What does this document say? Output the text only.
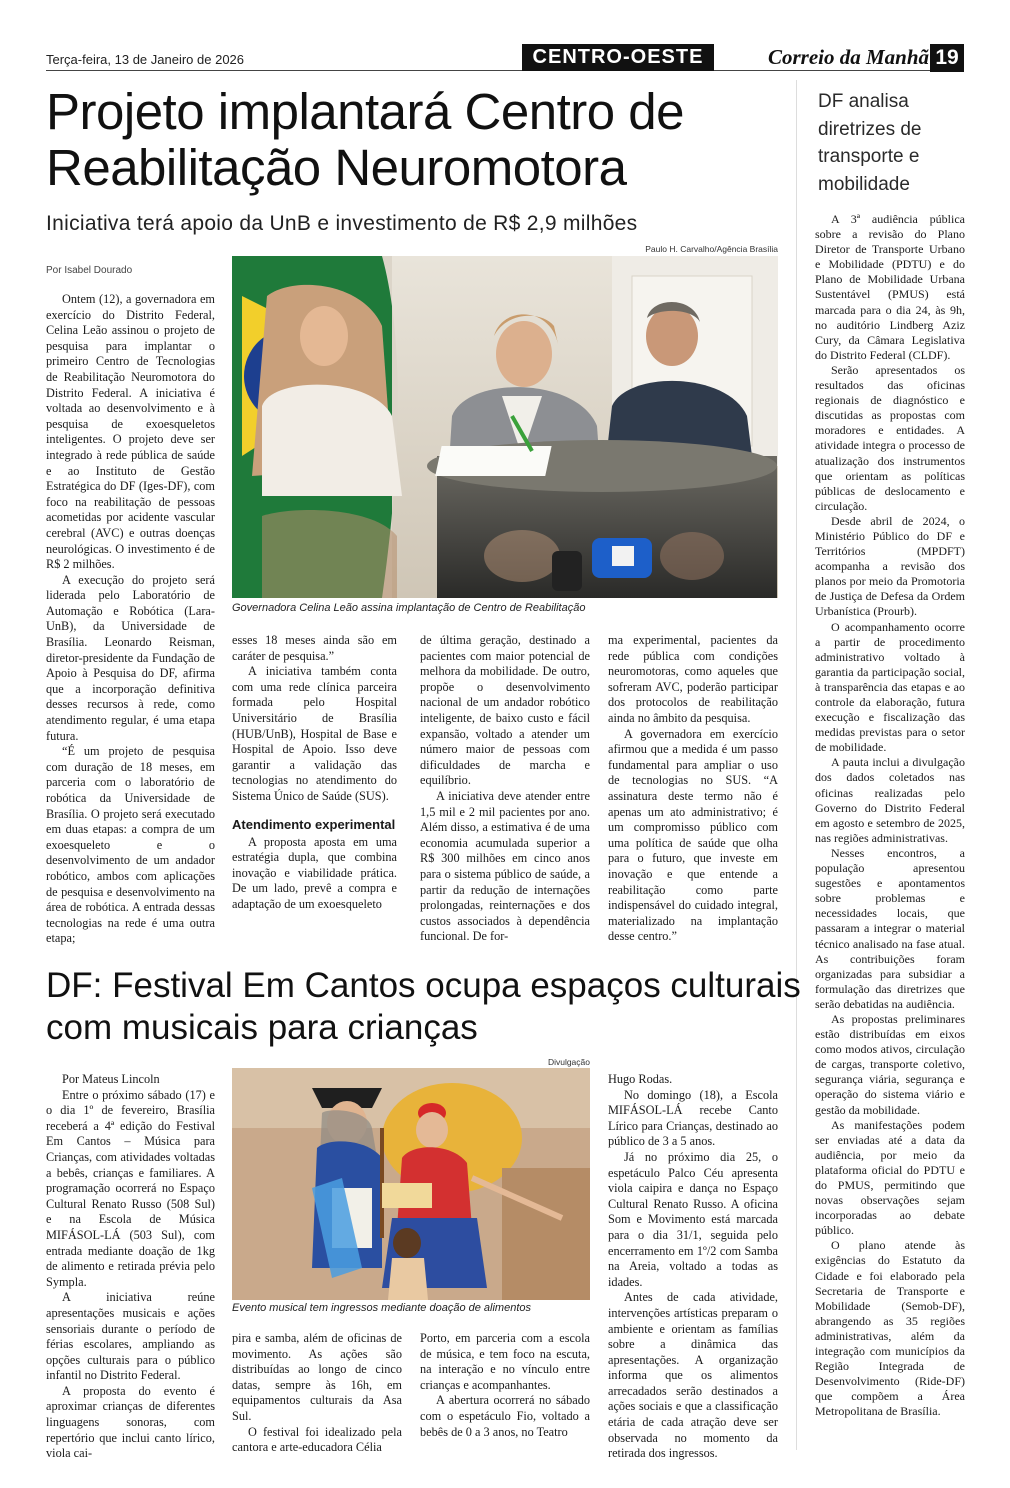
Terça-feira, 13 de Janeiro de 2026	CENTRO-OESTE	Correio da Manhã 19
Projeto implantará Centro de Reabilitação Neuromotora
Iniciativa terá apoio da UnB e investimento de R$ 2,9 milhões
Por Isabel Dourado
Paulo H. Carvalho/Agência Brasília
Governadora Celina Leão assina implantação de Centro de Reabilitação

Ontem (12), a governadora em exercício do Distrito Federal, Celina Leão assinou o projeto de pesquisa para implantar o primeiro Centro de Tecnologias de Reabilitação Neuromotora do Distrito Federal. A iniciativa é voltada ao desenvolvimento e à pesquisa de exoesqueletos inteligentes. O projeto deve ser integrado à rede pública de saúde e ao Instituto de Gestão Estratégica do DF (Iges-DF), com foco na reabilitação de pessoas acometidas por acidente vascular cerebral (AVC) e outras doenças neurológicas. O investimento é de R$ 2 milhões.

A execução do projeto será liderada pelo Laboratório de Automação e Robótica (Lara-UnB), da Universidade de Brasília. Leonardo Reisman, diretor-presidente da Fundação de Apoio à Pesquisa do DF, afirma que a incorporação definitiva desses recursos à rede, como atendimento regular, é uma etapa futura.

“É um projeto de pesquisa com duração de 18 meses, em parceria com o laboratório de robótica da Universidade de Brasília. O projeto será executado em duas etapas: a compra de um exoesqueleto e o desenvolvimento de um andador robótico, ambos com aplicações de pesquisa e desenvolvimento na área de robótica. A entrada dessas tecnologias na rede é uma outra etapa;

esses 18 meses ainda são em caráter de pesquisa.”

A iniciativa também conta com uma rede clínica parceira formada pelo Hospital Universitário de Brasília (HUB/UnB), Hospital de Base e Hospital de Apoio. Isso deve garantir a validação das tecnologias no atendimento do Sistema Único de Saúde (SUS).

Atendimento experimental

A proposta aposta em uma estratégia dupla, que combina inovação e viabilidade prática. De um lado, prevê a compra e adaptação de um exoesqueleto

de última geração, destinado a pacientes com maior potencial de melhora da mobilidade. De outro, propõe o desenvolvimento nacional de um andador robótico inteligente, de baixo custo e fácil expansão, voltado a atender um número maior de pessoas com dificuldades de marcha e equilíbrio.

A iniciativa deve atender entre 1,5 mil e 2 mil pacientes por ano. Além disso, a estimativa é de uma economia acumulada superior a R$ 300 milhões em cinco anos para o sistema público de saúde, a partir da redução de internações prolongadas, reinternações e dos custos associados à dependência funcional. De for-

ma experimental, pacientes da rede pública com condições neuromotoras, como aqueles que sofreram AVC, poderão participar dos protocolos de reabilitação ainda no âmbito da pesquisa.

A governadora em exercício afirmou que a medida é um passo fundamental para ampliar o uso de tecnologias no SUS. “A assinatura deste termo não é apenas um ato administrativo; é um compromisso público com uma política de saúde que olha para o futuro, que investe em inovação e que entende a reabilitação como parte indispensável do cuidado integral, materializado na implantação desse centro.”

DF analisa diretrizes de transporte e mobilidade

A 3ª audiência pública sobre a revisão do Plano Diretor de Transporte Urbano e Mobilidade (PDTU) e do Plano de Mobilidade Urbana Sustentável (PMUS) está marcada para o dia 24, às 9h, no auditório Lindberg Aziz Cury, da Câmara Legislativa do Distrito Federal (CLDF).

Serão apresentados os resultados das oficinas regionais de diagnóstico e discutidas as propostas com moradores e entidades. A atividade integra o processo de atualização dos instrumentos que orientam as políticas públicas de deslocamento e circulação.

Desde abril de 2024, o Ministério Público do DF e Territórios (MPDFT) acompanha a revisão dos planos por meio da Promotoria de Justiça de Defesa da Ordem Urbanística (Prourb).

O acompanhamento ocorre a partir de procedimento administrativo voltado à garantia da participação social, à transparência das etapas e ao controle da elaboração, futura execução e fiscalização das medidas previstas para o setor de mobilidade.

A pauta inclui a divulgação dos dados coletados nas oficinas realizadas pelo Governo do Distrito Federal em agosto e setembro de 2025, nas regiões administrativas.

Nesses encontros, a população apresentou sugestões e apontamentos sobre problemas e necessidades locais, que passaram a integrar o material técnico analisado na fase atual. As contribuições foram organizadas para subsidiar a formulação das diretrizes que serão debatidas na audiência.

As propostas preliminares estão distribuídas em eixos como modos ativos, circulação de cargas, transporte coletivo, segurança viária, segurança e operação do sistema viário e gestão da mobilidade.

As manifestações podem ser enviadas até a data da audiência, por meio da plataforma oficial do PDTU e do PMUS, permitindo que novas observações sejam incorporadas ao debate público.

O plano atende às exigências do Estatuto da Cidade e foi elaborado pela Secretaria de Transporte e Mobilidade (Semob-DF), abrangendo as 35 regiões administrativas, além da integração com municípios da Região Integrada de Desenvolvimento (Ride-DF) que compõem a Área Metropolitana de Brasília.

DF: Festival Em Cantos ocupa espaços culturais com musicais para crianças
Divulgação
Evento musical tem ingressos mediante doação de alimentos

Por Mateus Lincoln

Entre o próximo sábado (17) e o dia 1º de fevereiro, Brasília receberá a 4ª edição do Festival Em Cantos – Música para Crianças, com atividades voltadas a bebês, crianças e familiares. A programação ocorrerá no Espaço Cultural Renato Russo (508 Sul) e na Escola de Música MIFÁSOL-LÁ (503 Sul), com entrada mediante doação de 1kg de alimento e retirada prévia pelo Sympla.

A iniciativa reúne apresentações musicais e ações sensoriais durante o período de férias escolares, ampliando as opções culturais para o público infantil no Distrito Federal.

A proposta do evento é aproximar crianças de diferentes linguagens sonoras, com repertório que inclui canto lírico, viola cai-

pira e samba, além de oficinas de movimento. As ações são distribuídas ao longo de cinco datas, sempre às 16h, em equipamentos culturais da Asa Sul.

O festival foi idealizado pela cantora e arte-educadora Célia

Porto, em parceria com a escola de música, e tem foco na escuta, na interação e no vínculo entre crianças e acompanhantes.

A abertura ocorrerá no sábado com o espetáculo Fio, voltado a bebês de 0 a 3 anos, no Teatro

Hugo Rodas.

No domingo (18), a Escola MIFÁSOL-LÁ recebe Canto Lírico para Crianças, destinado ao público de 3 a 5 anos.

Já no próximo dia 25, o espetáculo Palco Céu apresenta viola caipira e dança no Espaço Cultural Renato Russo. A oficina Som e Movimento está marcada para o dia 31/1, seguida pelo encerramento em 1º/2 com Samba na Areia, voltado a todas as idades.

Antes de cada atividade, intervenções artísticas preparam o ambiente e orientam as famílias sobre a dinâmica das apresentações. A organização informa que os alimentos arrecadados serão destinados a ações sociais e que a classificação etária de cada atração deve ser observada no momento da retirada dos ingressos.
